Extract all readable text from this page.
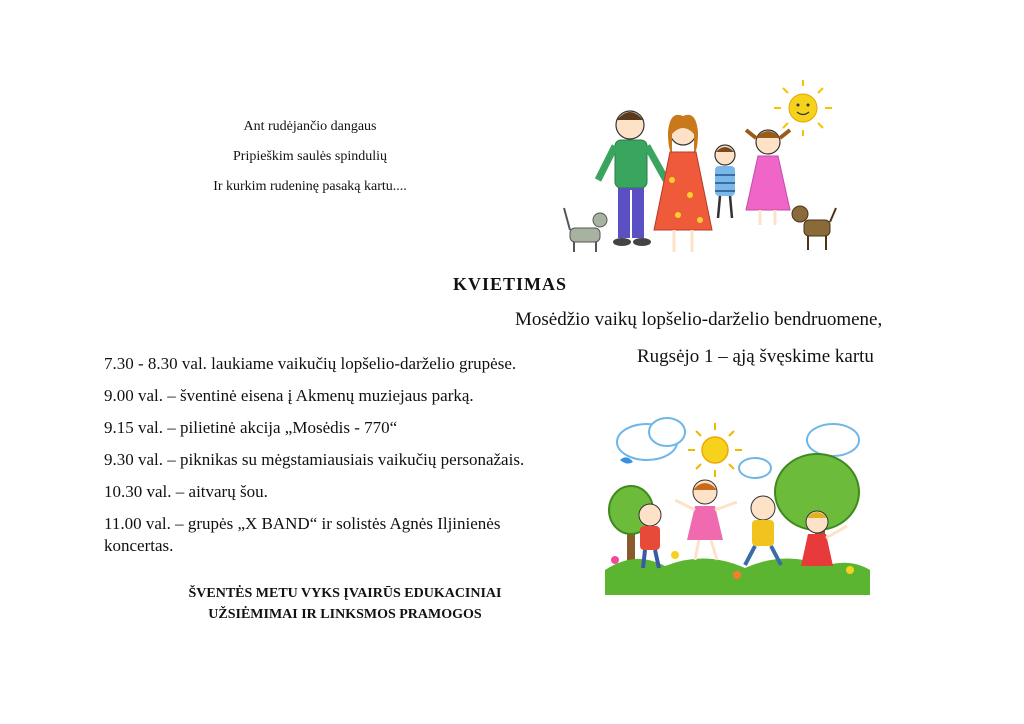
Ant rudėjančio dangaus
Pripieškim saulės spindulių
Ir kurkim rudeninę pasaką kartu....
KVIETIMAS
Mosėdžio vaikų lopšelio-darželio bendruomene,
Rugsėjo 1 – ąją švęskime kartu
7.30 - 8.30 val. laukiame vaikučių lopšelio-darželio grupėse.
9.00 val. – šventinė eisena į Akmenų muziejaus parką.
9.15 val. – pilietinė akcija „Mosėdis - 770“
9.30 val. – piknikas su mėgstamiausiais vaikučių personažais.
10.30 val. – aitvarų šou.
11.00 val. – grupės „X BAND“ ir solistės Agnės Iljinienės koncertas.
ŠVENTĖS METU VYKS ĮVAIRŪS EDUKACINIAI
UŽSIĖMIMAI IR LINKSMOS PRAMOGOS
